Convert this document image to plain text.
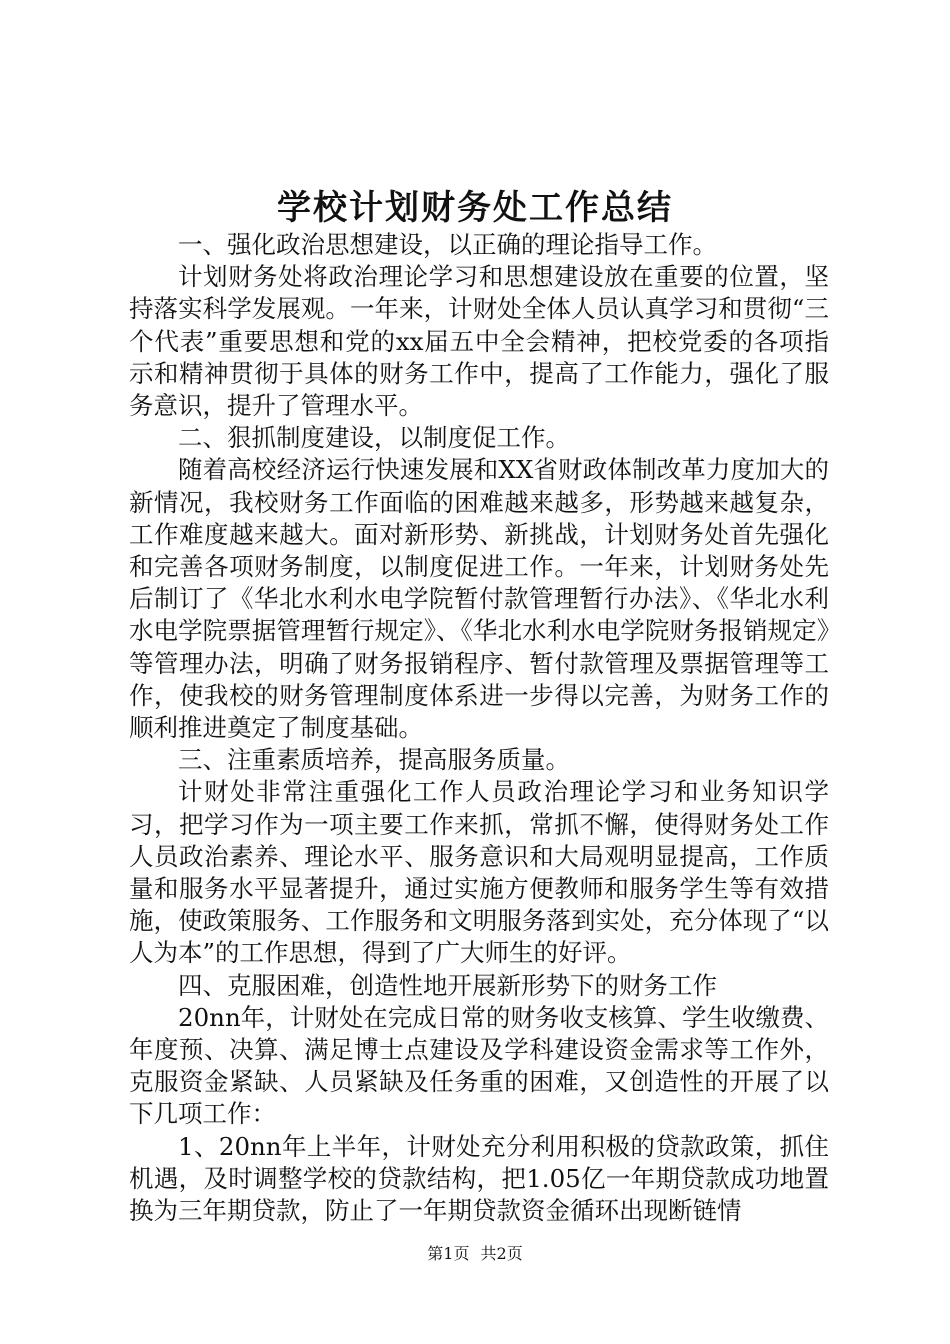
学校计划财务处工作总结

一、强化政治思想建设，以正确的理论指导工作。

计划财务处将政治理论学习和思想建设放在重要的位置，坚持落实科学发展观。一年来，计财处全体人员认真学习和贯彻“三个代表”重要思想和党的xx届五中全会精神，把校党委的各项指示和精神贯彻于具体的财务工作中，提高了工作能力，强化了服务意识，提升了管理水平。

二、狠抓制度建设，以制度促工作。

随着高校经济运行快速发展和XX省财政体制改革力度加大的新情况，我校财务工作面临的困难越来越多，形势越来越复杂，工作难度越来越大。面对新形势、新挑战，计划财务处首先强化和完善各项财务制度，以制度促进工作。一年来，计划财务处先后制订了《华北水利水电学院暂付款管理暂行办法》、《华北水利水电学院票据管理暂行规定》、《华北水利水电学院财务报销规定》等管理办法，明确了财务报销程序、暂付款管理及票据管理等工作，使我校的财务管理制度体系进一步得以完善，为财务工作的顺利推进奠定了制度基础。

三、注重素质培养，提高服务质量。

计财处非常注重强化工作人员政治理论学习和业务知识学习，把学习作为一项主要工作来抓，常抓不懈，使得财务处工作人员政治素养、理论水平、服务意识和大局观明显提高，工作质量和服务水平显著提升，通过实施方便教师和服务学生等有效措施，使政策服务、工作服务和文明服务落到实处，充分体现了“以人为本”的工作思想，得到了广大师生的好评。

四、克服困难，创造性地开展新形势下的财务工作

20nn年，计财处在完成日常的财务收支核算、学生收缴费、年度预、决算、满足博士点建设及学科建设资金需求等工作外，克服资金紧缺、人员紧缺及任务重的困难，又创造性的开展了以下几项工作：

1、20nn年上半年，计财处充分利用积极的贷款政策，抓住机遇，及时调整学校的贷款结构，把1.05亿一年期贷款成功地置换为三年期贷款，防止了一年期贷款资金循环出现断链情

第1页 共2页
